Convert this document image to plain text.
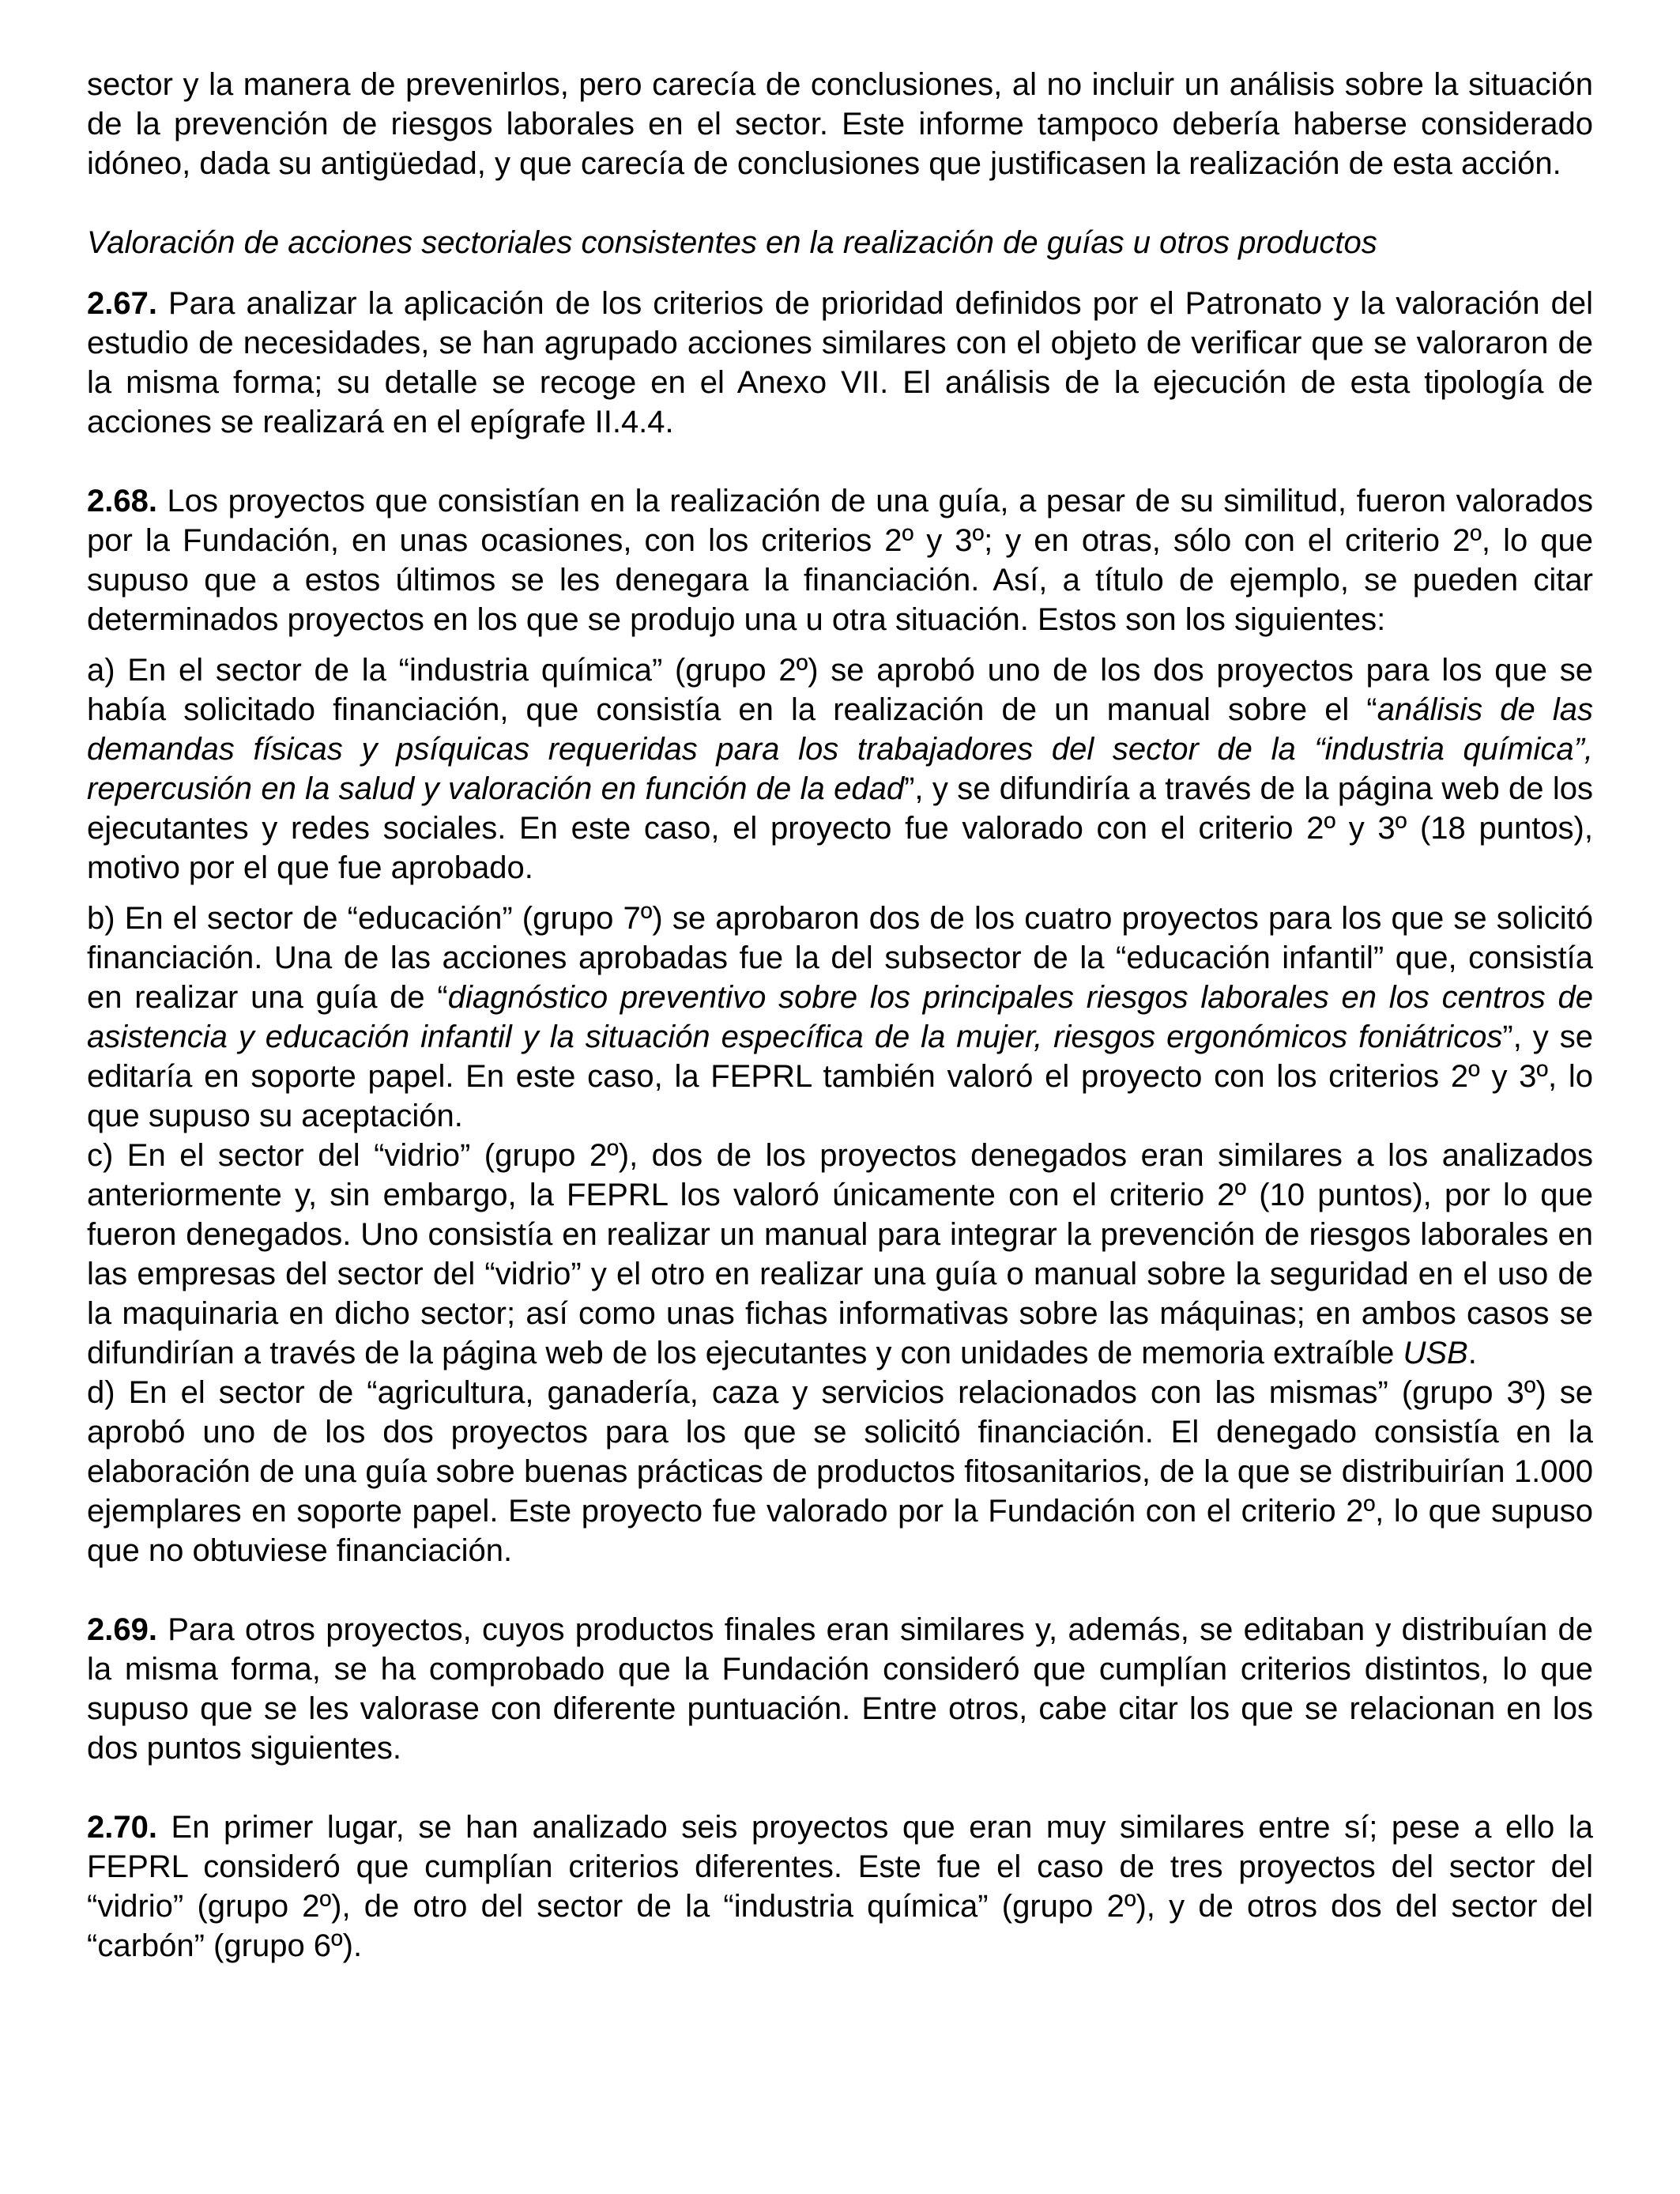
sector y la manera de prevenirlos, pero carecía de conclusiones, al no incluir un análisis sobre la situación de la prevención de riesgos laborales en el sector. Este informe tampoco debería haberse considerado idóneo, dada su antigüedad, y que carecía de conclusiones que justificasen la realización de esta acción.

Valoración de acciones sectoriales consistentes en la realización de guías u otros productos

2.67. Para analizar la aplicación de los criterios de prioridad definidos por el Patronato y la valoración del estudio de necesidades, se han agrupado acciones similares con el objeto de verificar que se valoraron de la misma forma; su detalle se recoge en el Anexo VII. El análisis de la ejecución de esta tipología de acciones se realizará en el epígrafe II.4.4.

2.68. Los proyectos que consistían en la realización de una guía, a pesar de su similitud, fueron valorados por la Fundación, en unas ocasiones, con los criterios 2º y 3º; y en otras, sólo con el criterio 2º, lo que supuso que a estos últimos se les denegara la financiación. Así, a título de ejemplo, se pueden citar determinados proyectos en los que se produjo una u otra situación. Estos son los siguientes:

a) En el sector de la “industria química” (grupo 2º) se aprobó uno de los dos proyectos para los que se había solicitado financiación, que consistía en la realización de un manual sobre el “análisis de las demandas físicas y psíquicas requeridas para los trabajadores del sector de la “industria química”, repercusión en la salud y valoración en función de la edad”, y se difundiría a través de la página web de los ejecutantes y redes sociales. En este caso, el proyecto fue valorado con el criterio 2º y 3º (18 puntos), motivo por el que fue aprobado.

b) En el sector de “educación” (grupo 7º) se aprobaron dos de los cuatro proyectos para los que se solicitó financiación. Una de las acciones aprobadas fue la del subsector de la “educación infantil” que, consistía en realizar una guía de “diagnóstico preventivo sobre los principales riesgos laborales en los centros de asistencia y educación infantil y la situación específica de la mujer, riesgos ergonómicos foniátricos”, y se editaría en soporte papel. En este caso, la FEPRL también valoró el proyecto con los criterios 2º y 3º, lo que supuso su aceptación.

c) En el sector del “vidrio” (grupo 2º), dos de los proyectos denegados eran similares a los analizados anteriormente y, sin embargo, la FEPRL los valoró únicamente con el criterio 2º (10 puntos), por lo que fueron denegados. Uno consistía en realizar un manual para integrar la prevención de riesgos laborales en las empresas del sector del “vidrio” y el otro en realizar una guía o manual sobre la seguridad en el uso de la maquinaria en dicho sector; así como unas fichas informativas sobre las máquinas; en ambos casos se difundirían a través de la página web de los ejecutantes y con unidades de memoria extraíble USB.

d) En el sector de “agricultura, ganadería, caza y servicios relacionados con las mismas” (grupo 3º) se aprobó uno de los dos proyectos para los que se solicitó financiación. El denegado consistía en la elaboración de una guía sobre buenas prácticas de productos fitosanitarios, de la que se distribuirían 1.000 ejemplares en soporte papel. Este proyecto fue valorado por la Fundación con el criterio 2º, lo que supuso que no obtuviese financiación.

2.69. Para otros proyectos, cuyos productos finales eran similares y, además, se editaban y distribuían de la misma forma, se ha comprobado que la Fundación consideró que cumplían criterios distintos, lo que supuso que se les valorase con diferente puntuación. Entre otros, cabe citar los que se relacionan en los dos puntos siguientes.

2.70. En primer lugar, se han analizado seis proyectos que eran muy similares entre sí; pese a ello la FEPRL consideró que cumplían criterios diferentes. Este fue el caso de tres proyectos del sector del “vidrio” (grupo 2º), de otro del sector de la “industria química” (grupo 2º), y de otros dos del sector del “carbón” (grupo 6º).
